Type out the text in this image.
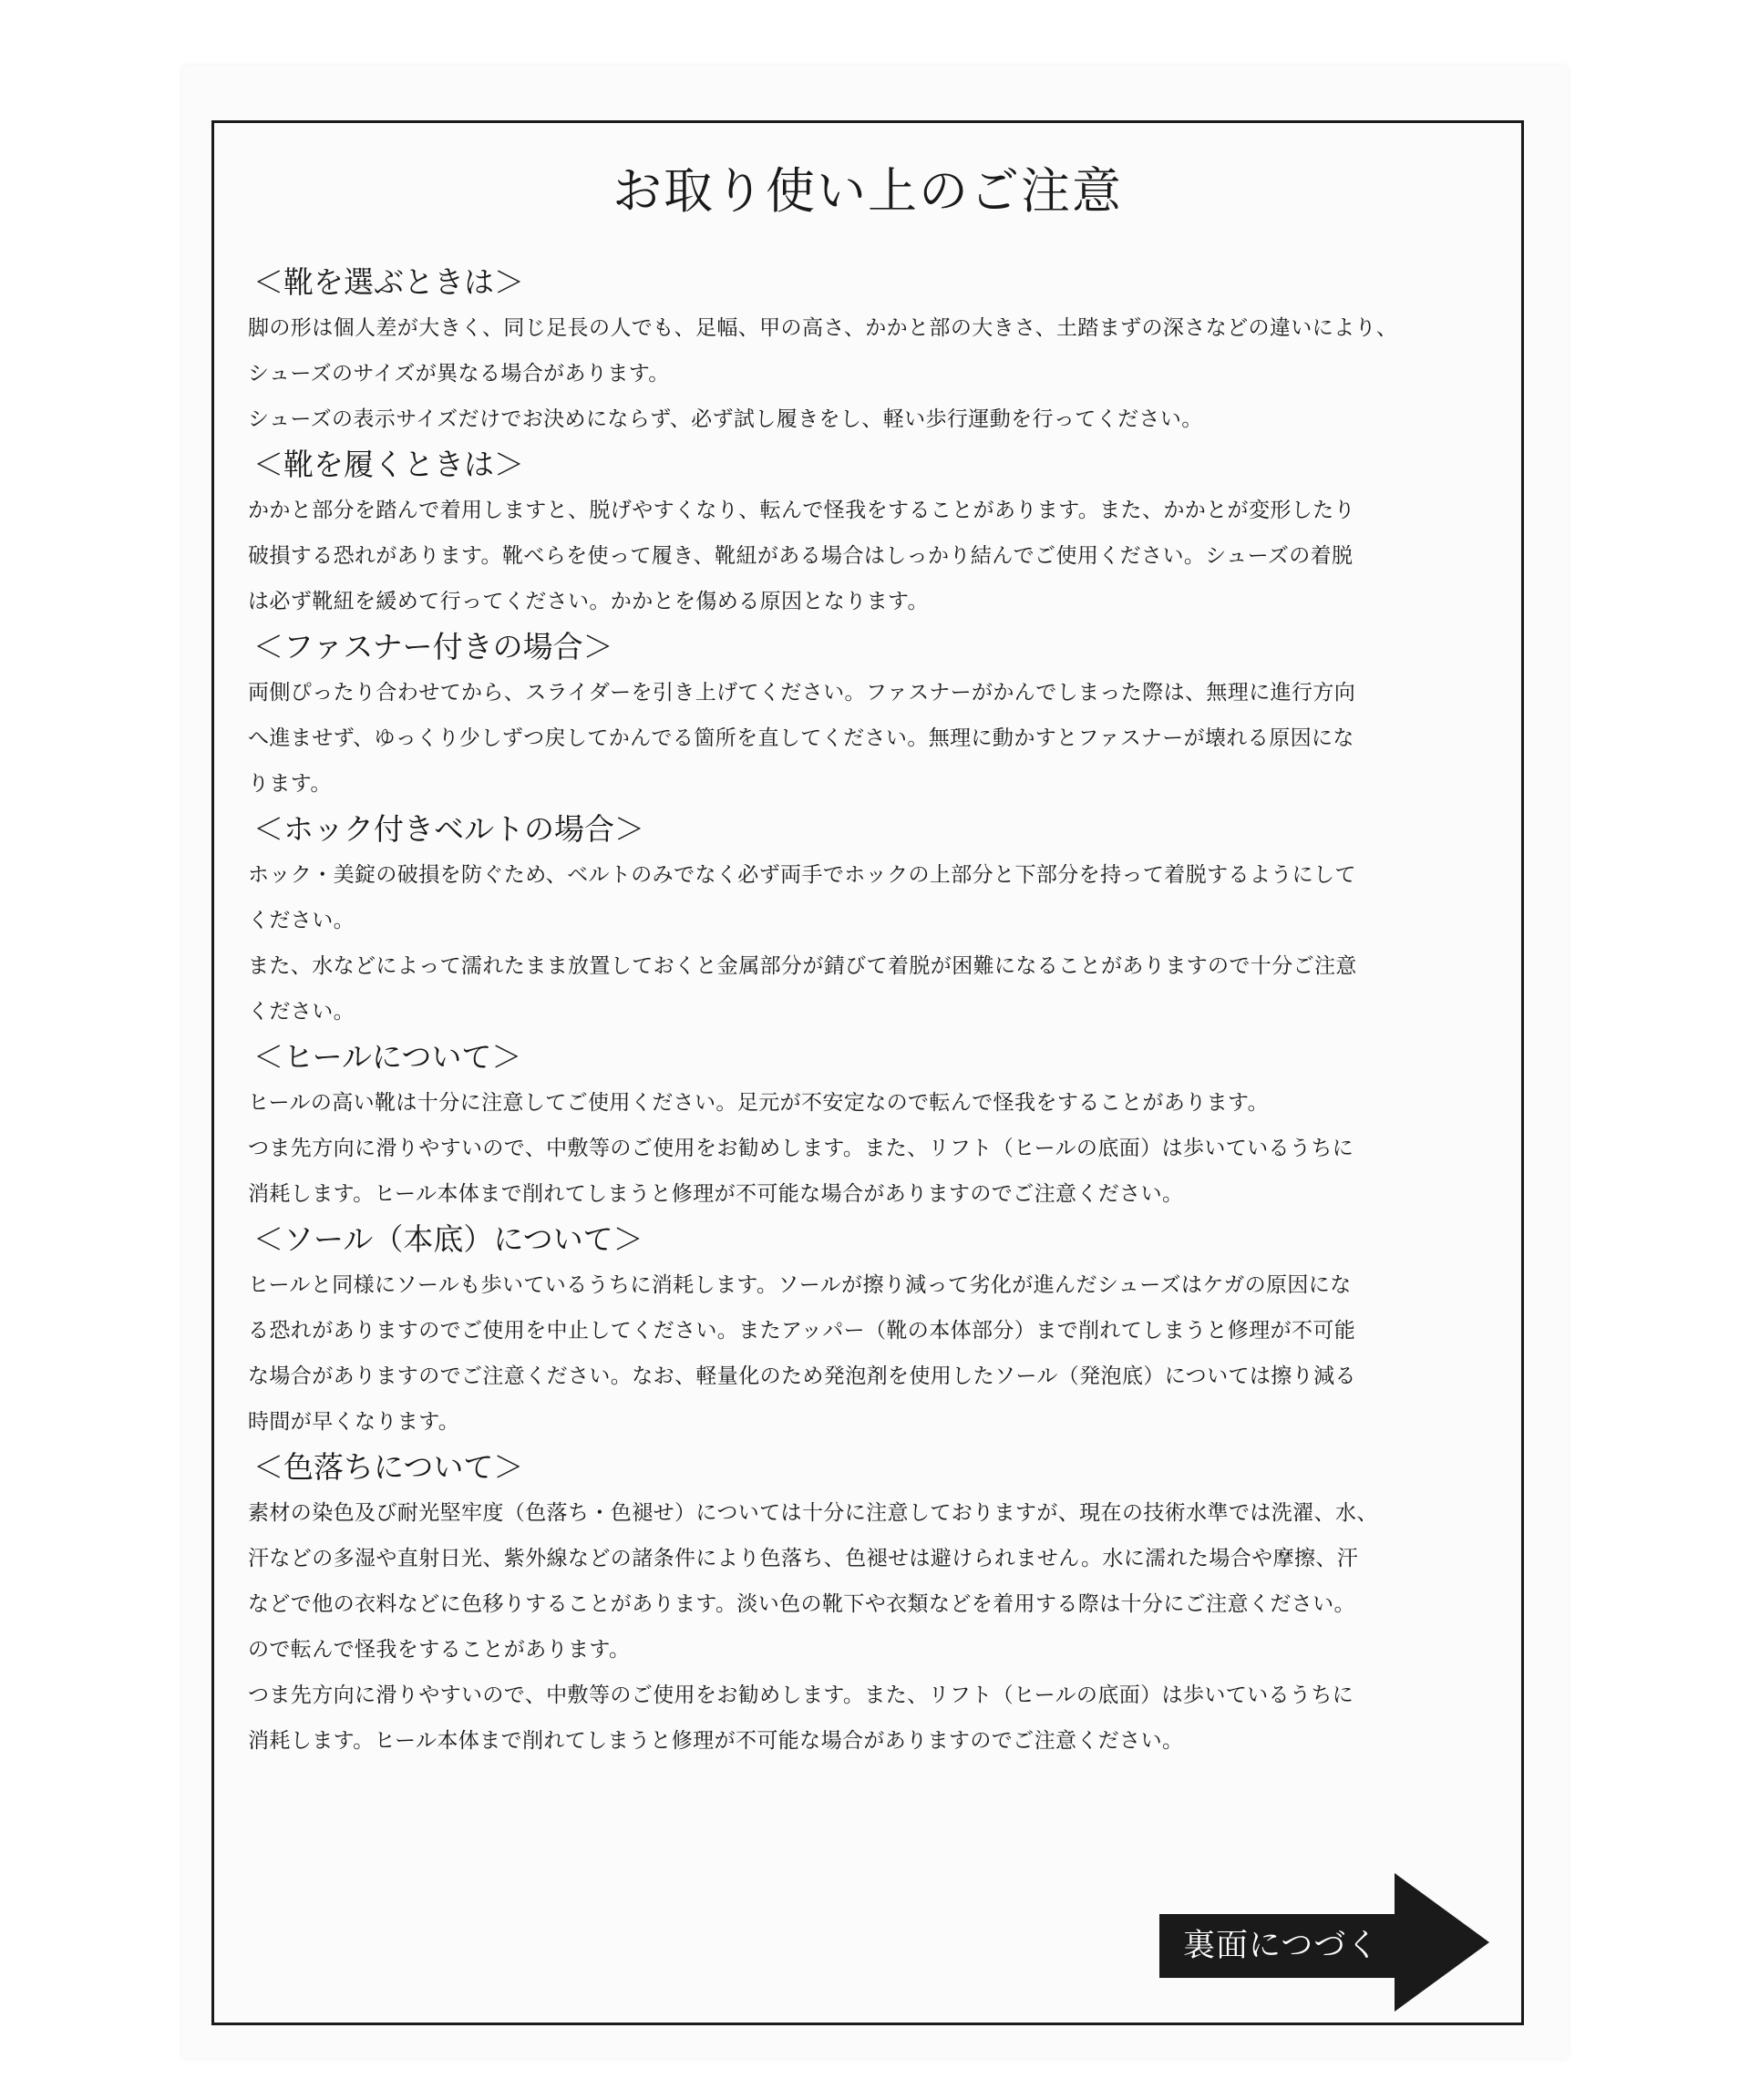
お取り使い上のご注意
＜靴を選ぶときは＞
脚の形は個人差が大きく、同じ足長の人でも、足幅、甲の高さ、かかと部の大きさ、土踏まずの深さなどの違いにより、
シューズのサイズが異なる場合があります。
シューズの表示サイズだけでお決めにならず、必ず試し履きをし、軽い歩行運動を行ってください。
＜靴を履くときは＞
かかと部分を踏んで着用しますと、脱げやすくなり、転んで怪我をすることがあります。また、かかとが変形したり
破損する恐れがあります。靴べらを使って履き、靴紐がある場合はしっかり結んでご使用ください。シューズの着脱
は必ず靴紐を緩めて行ってください。かかとを傷める原因となります。
＜ファスナー付きの場合＞
両側ぴったり合わせてから、スライダーを引き上げてください。ファスナーがかんでしまった際は、無理に進行方向
へ進ませず、ゆっくり少しずつ戻してかんでる箇所を直してください。無理に動かすとファスナーが壊れる原因にな
ります。
＜ホック付きベルトの場合＞
ホック・美錠の破損を防ぐため、ベルトのみでなく必ず両手でホックの上部分と下部分を持って着脱するようにして
ください。
また、水などによって濡れたまま放置しておくと金属部分が錆びて着脱が困難になることがありますので十分ご注意
ください。
＜ヒールについて＞
ヒールの高い靴は十分に注意してご使用ください。足元が不安定なので転んで怪我をすることがあります。
つま先方向に滑りやすいので、中敷等のご使用をお勧めします。また、リフト（ヒールの底面）は歩いているうちに
消耗します。ヒール本体まで削れてしまうと修理が不可能な場合がありますのでご注意ください。
＜ソール（本底）について＞
ヒールと同様にソールも歩いているうちに消耗します。ソールが擦り減って劣化が進んだシューズはケガの原因にな
る恐れがありますのでご使用を中止してください。またアッパー（靴の本体部分）まで削れてしまうと修理が不可能
な場合がありますのでご注意ください。なお、軽量化のため発泡剤を使用したソール（発泡底）については擦り減る
時間が早くなります。
＜色落ちについて＞
素材の染色及び耐光堅牢度（色落ち・色褪せ）については十分に注意しておりますが、現在の技術水準では洗濯、水、
汗などの多湿や直射日光、紫外線などの諸条件により色落ち、色褪せは避けられません。水に濡れた場合や摩擦、汗
などで他の衣料などに色移りすることがあります。淡い色の靴下や衣類などを着用する際は十分にご注意ください。
ので転んで怪我をすることがあります。
つま先方向に滑りやすいので、中敷等のご使用をお勧めします。また、リフト（ヒールの底面）は歩いているうちに
消耗します。ヒール本体まで削れてしまうと修理が不可能な場合がありますのでご注意ください。
裏面につづく
